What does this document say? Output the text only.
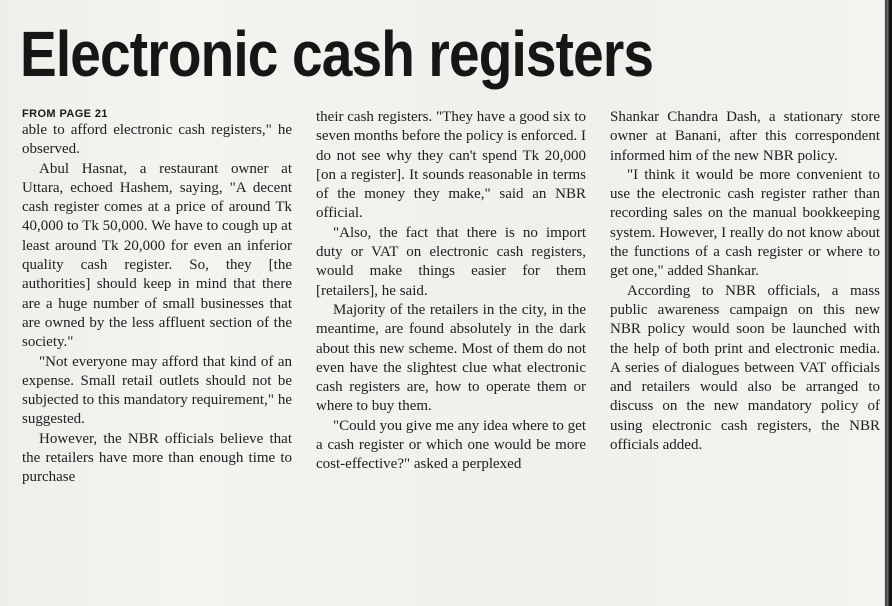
Electronic cash registers
FROM PAGE 21

able to afford electronic cash registers," he observed.

Abul Hasnat, a restaurant owner at Uttara, echoed Hashem, saying, "A decent cash register comes at a price of around Tk 40,000 to Tk 50,000. We have to cough up at least around Tk 20,000 for even an inferior quality cash register. So, they [the authorities] should keep in mind that there are a huge number of small businesses that are owned by the less affluent section of the society."

"Not everyone may afford that kind of an expense. Small retail outlets should not be subjected to this mandatory requirement," he suggested.

However, the NBR officials believe that the retailers have more than enough time to purchase

their cash registers. "They have a good six to seven months before the policy is enforced. I do not see why they can't spend Tk 20,000 [on a register]. It sounds reasonable in terms of the money they make," said an NBR official.

"Also, the fact that there is no import duty or VAT on electronic cash registers, would make things easier for them [retailers], he said.

Majority of the retailers in the city, in the meantime, are found absolutely in the dark about this new scheme. Most of them do not even have the slightest clue what electronic cash registers are, how to operate them or where to buy them.

"Could you give me any idea where to get a cash register or which one would be more cost-effective?" asked a perplexed

Shankar Chandra Dash, a stationary store owner at Banani, after this correspondent informed him of the new NBR policy.

"I think it would be more convenient to use the electronic cash register rather than recording sales on the manual bookkeeping system. However, I really do not know about the functions of a cash register or where to get one," added Shankar.

According to NBR officials, a mass public awareness campaign on this new NBR policy would soon be launched with the help of both print and electronic media. A series of dialogues between VAT officials and retailers would also be arranged to discuss on the new mandatory policy of using electronic cash registers, the NBR officials added.
